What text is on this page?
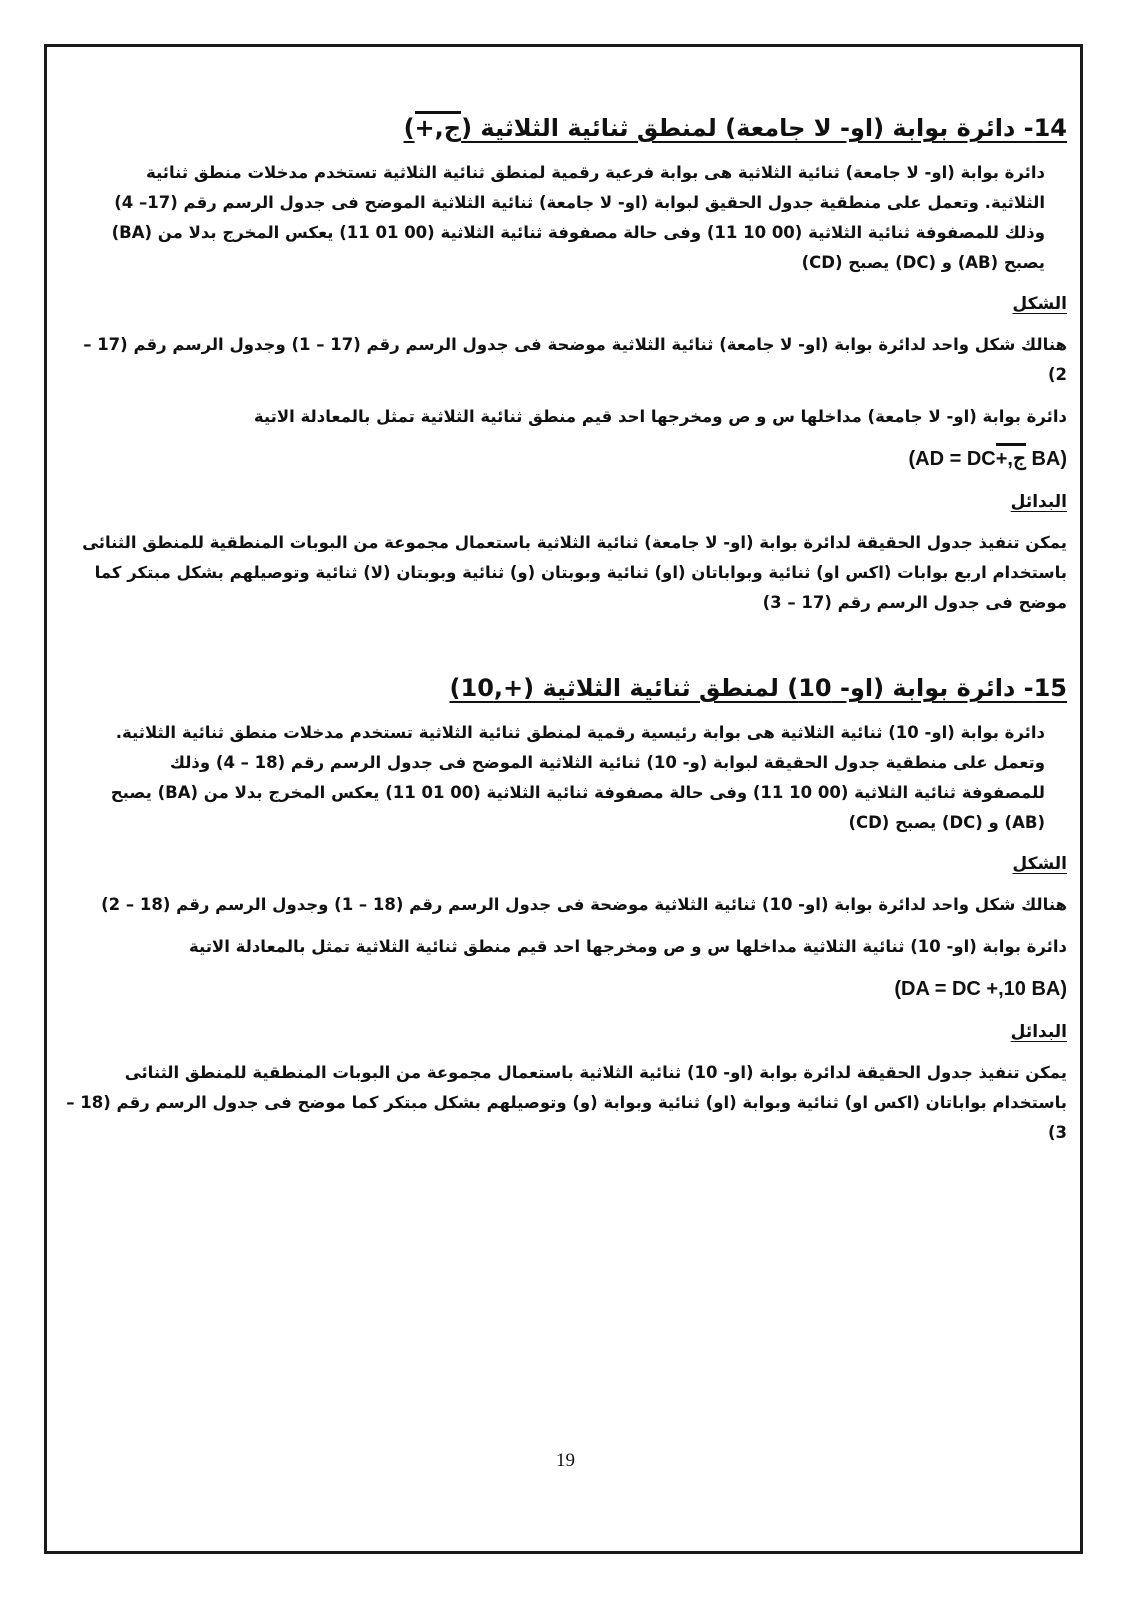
14- دائرة بوابة (او- لا جامعة) لمنطق ثنائية الثلاثية (ج,+)

دائرة بوابة (او- لا جامعة) ثنائية الثلاثية هى بوابة فرعية رقمية لمنطق ثنائية الثلاثية تستخدم مدخلات منطق ثنائية الثلاثية. وتعمل على منطقية جدول الحقيق لبوابة (او- لا جامعة) ثنائية الثلاثية الموضح فى جدول الرسم رقم (17– 4) وذلك للمصفوفة ثنائية الثلاثية (00 10 11) وفى حالة مصفوفة ثنائية الثلاثية (00 01 11) يعكس المخرج بدلا من (BA) يصبح (AB) و (DC) يصبح (CD)

الشكل

هنالك شكل واحد لدائرة بوابة (او- لا جامعة) ثنائية الثلاثية موضحة فى جدول الرسم رقم (17 – 1) وجدول الرسم رقم (17 – 2)

دائرة بوابة (او- لا جامعة) مداخلها س و ص ومخرجها احد قيم منطق ثنائية الثلاثية تمثل بالمعادلة الاتية

(AD = DC+,ج BA)
البدائل

يمكن تنفيذ جدول الحقيقة لدائرة بوابة (او- لا جامعة) ثنائية الثلاثية باستعمال مجموعة من البوبات المنطقية للمنطق الثنائى باستخدام اربع بوابات (اكس او) ثنائية وبواباتان (او) ثنائية وبوبتان (و) ثنائية وبوبتان (لا) ثنائية وتوصيلهم بشكل مبتكر كما موضح فى جدول الرسم رقم (17 – 3)

15- دائرة بوابة (او- 10) لمنطق ثنائية الثلاثية (+,10)

دائرة بوابة (او- 10) ثنائية الثلاثية هى بوابة رئيسية رقمية لمنطق ثنائية الثلاثية تستخدم مدخلات منطق ثنائية الثلاثية. وتعمل على منطقية جدول الحقيقة لبوابة (و- 10) ثنائية الثلاثية الموضح فى جدول الرسم رقم (18 – 4) وذلك للمصفوفة ثنائية الثلاثية (00 10 11) وفى حالة مصفوفة ثنائية الثلاثية (00 01 11) يعكس المخرج بدلا من (BA) يصبح (AB) و (DC) يصبح (CD)

الشكل

هنالك شكل واحد لدائرة بوابة (او- 10) ثنائية الثلاثية موضحة فى جدول الرسم رقم (18 – 1) وجدول الرسم رقم (18 – 2)

دائرة بوابة (او- 10) ثنائية الثلاثية مداخلها س و ص ومخرجها احد قيم منطق ثنائية الثلاثية تمثل بالمعادلة الاتية

(DA = DC +,10 BA)
البدائل

يمكن تنفيذ جدول الحقيقة لدائرة بوابة (او- 10) ثنائية الثلاثية باستعمال مجموعة من البوبات المنطقية للمنطق الثنائى باستخدام بواباتان (اكس او) ثنائية وبوابة (او) ثنائية وبوابة (و) وتوصيلهم بشكل مبتكر كما موضح فى جدول الرسم رقم (18 – 3)

19
